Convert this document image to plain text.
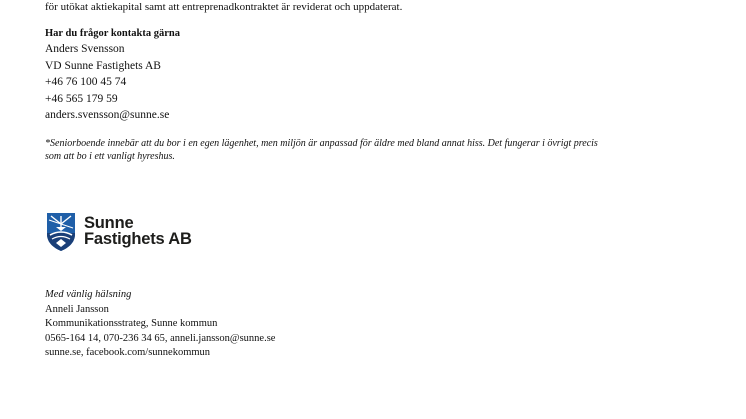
för utökat aktiekapital samt att entreprenadkontraktet är reviderat och uppdaterat.
Har du frågor kontakta gärna
Anders Svensson
VD Sunne Fastighets AB
+46 76 100 45 74
+46 565 179 59
anders.svensson@sunne.se
*Seniorboende innebär att du bor i en egen lägenhet, men miljön är anpassad för äldre med bland annat hiss. Det fungerar i övrigt precis som att bo i ett vanligt hyreshus.
Sunne
Fastighets AB
Med vänlig hälsning
Anneli Jansson
Kommunikationsstrateg, Sunne kommun
0565-164 14, 070-236 34 65, anneli.jansson@sunne.se
sunne.se, facebook.com/sunnekommun
